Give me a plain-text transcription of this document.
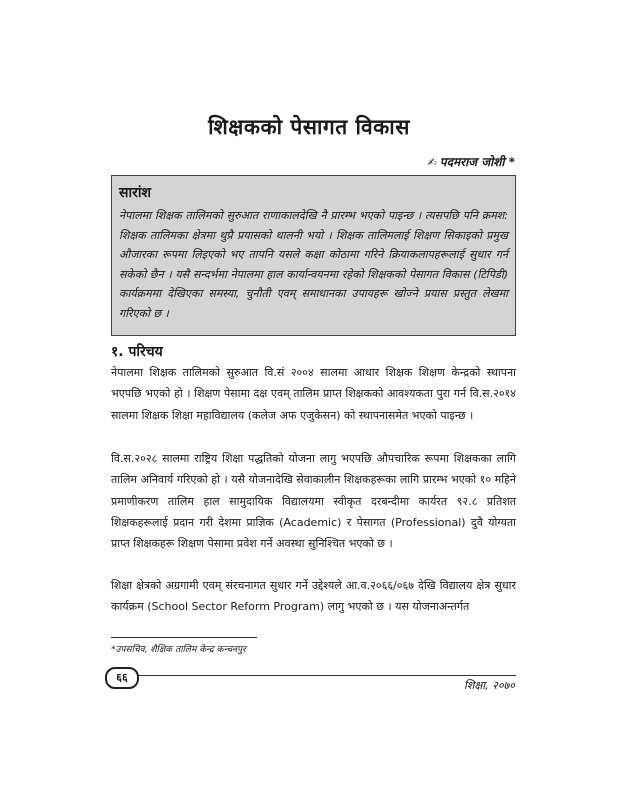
शिक्षकको पेसागत विकास
✍ पदमराज जोशी *
सारांश

नेपालमा शिक्षक तालिमको सुरुआत राणाकालदेखि नै प्रारम्भ भएको पाइन्छ । त्यसपछि पनि क्रमश: शिक्षक तालिमका क्षेत्रमा थुप्रै प्रयासको थालनी भयो । शिक्षक तालिमलाई शिक्षण सिकाइको प्रमुख औजारका रूपमा लिइएको भए तापनि यसले कक्षा कोठामा गरिने क्रियाकलापहरूलाई सुधार गर्न सकेको छैन । यसै सन्दर्भमा नेपालमा हाल कार्यान्वयनमा रहेको शिक्षकको पेसागत विकास (टिपिडी) कार्यक्रममा देखिएका समस्या, चुनौती एवम् समाधानका उपायहरू खोज्ने प्रयास प्रस्तुत लेखमा गरिएको छ ।

१. परिचय

नेपालमा शिक्षक तालिमको सुरुआत वि.सं २००४ सालमा आधार शिक्षक शिक्षण केन्द्रको स्थापना भएपछि भएको हो । शिक्षण पेसामा दक्ष एवम् तालिम प्राप्त शिक्षकको आवश्यकता पुरा गर्न वि.स.२०१४ सालमा शिक्षक शिक्षा महाविद्यालय (कलेज अफ एजुकेसन) को स्थापनासमेत भएको पाइन्छ ।

वि.स.२०२८ सालमा राष्ट्रिय शिक्षा पद्धतिको योजना लागु भएपछि औपचारिक रूपमा शिक्षकका लागि तालिम अनिवार्य गरिएको हो । यसै योजनादेखि सेवाकालीन शिक्षकहरूका लागि प्रारम्भ भएको १० महिने प्रमाणीकरण तालिम हाल सामुदायिक विद्यालयमा स्वीकृत दरबन्दीमा कार्यरत ९२.८ प्रतिशत शिक्षकहरूलाई प्रदान गरी देशमा प्राज्ञिक (Academic) र पेसागत (Professional) दुवै योग्यता प्राप्त शिक्षकहरू शिक्षण पेसामा प्रवेश गर्ने अवस्था सुनिश्चित भएको छ ।

शिक्षा क्षेत्रको अग्रगामी एवम् संरचनागत सुधार गर्ने उद्देश्यले आ.व.२०६६/०६७ देखि विद्यालय क्षेत्र सुधार कार्यक्रम (School Sector Reform Program) लागु भएको छ । यस योजनाअन्तर्गत

*उपसचिव, शैक्षिक तालिम केन्द्र कन्चनपुर
६६
शिक्षा, २०७०
